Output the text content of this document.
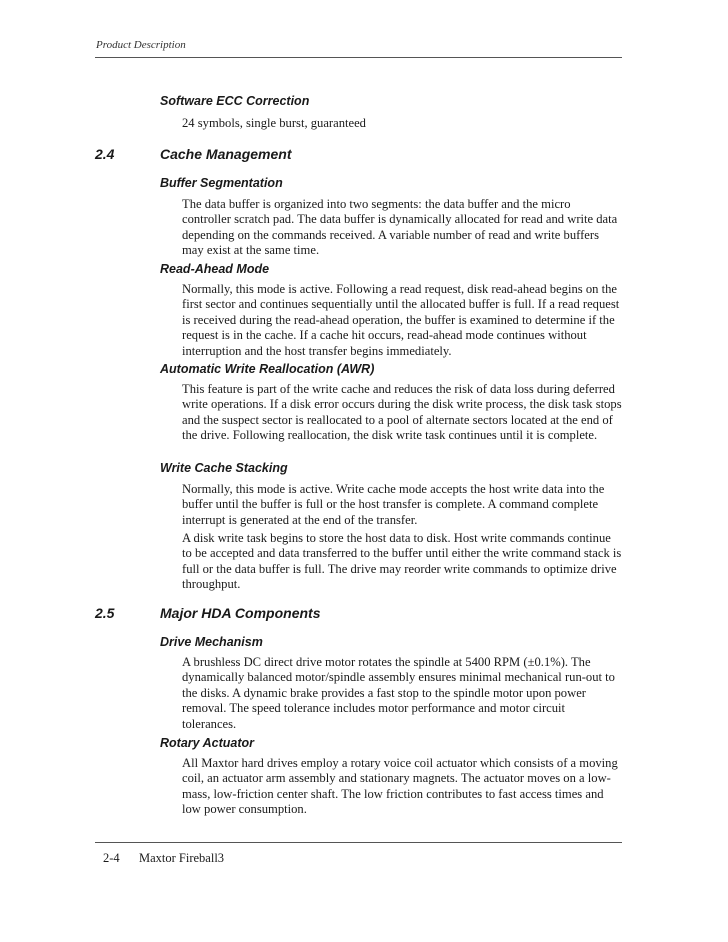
Product Description
Software ECC Correction
24 symbols, single burst, guaranteed
2.4	Cache Management
Buffer Segmentation
The data buffer is organized into two segments: the data buffer and the micro controller scratch pad. The data buffer is dynamically allocated for read and write data depending on the commands received. A variable number of read and write buffers may exist at the same time.
Read-Ahead Mode
Normally, this mode is active. Following a read request, disk read-ahead begins on the first sector and continues sequentially until the allocated buffer is full. If a read request is received during the read-ahead operation, the buffer is examined to determine if the request is in the cache. If a cache hit occurs, read-ahead mode continues without interruption and the host transfer begins immediately.
Automatic Write Reallocation (AWR)
This feature is part of the write cache and reduces the risk of data loss during deferred write operations. If a disk error occurs during the disk write process, the disk task stops and the suspect sector is reallocated to a pool of alternate sectors located at the end of the drive. Following reallocation, the disk write task continues until it is complete.
Write Cache Stacking
Normally, this mode is active. Write cache mode accepts the host write data into the buffer until the buffer is full or the host transfer is complete. A command complete interrupt is generated at the end of the transfer.
A disk write task begins to store the host data to disk. Host write commands continue to be accepted and data transferred to the buffer until either the write command stack is full or the data buffer is full. The drive may reorder write commands to optimize drive throughput.
2.5	Major HDA Components
Drive Mechanism
A brushless DC direct drive motor rotates the spindle at 5400 RPM (±0.1%). The dynamically balanced motor/spindle assembly ensures minimal mechanical run-out to the disks. A dynamic brake provides a fast stop to the spindle motor upon power removal. The speed tolerance includes motor performance and motor circuit tolerances.
Rotary Actuator
All Maxtor hard drives employ a rotary voice coil actuator which consists of a moving coil, an actuator arm assembly and stationary magnets. The actuator moves on a low-mass, low-friction center shaft. The low friction contributes to fast access times and low power consumption.
2-4 Maxtor Fireball3
